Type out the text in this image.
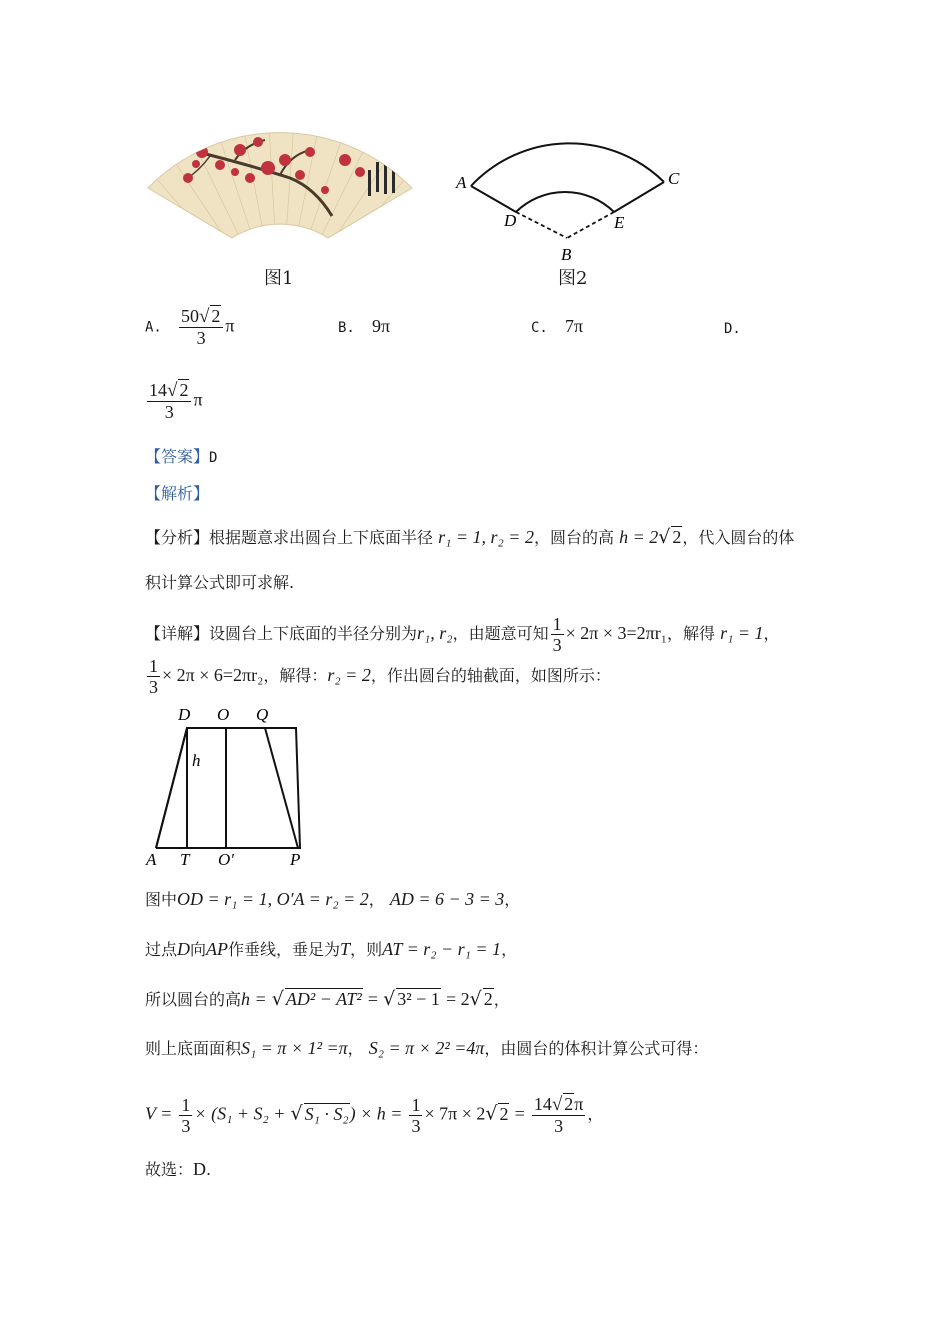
图1
A	C
D	E
B
图2
A. $\frac{50√ 2}{3}$ π	B. 9π	C. 7π	D.
$\frac{14√ 2}{3}$ π
【答案】D
【解析】
【分析】根据题意求出圆台上下底面半径 r₁ = 1, r₂ = 2，圆台的高 h = 2√ 2，代入圆台的体
积计算公式即可求解.
【详解】设圆台上下底面的半径分别为r₁, r₂，由题意可知 $\frac{1}{3} \times 2\pi \times 3=2\pi r_1$，解得 r₁ = 1，
$\frac{1}{3} \times 2\pi \times 6=2\pi r_2$，解得：r₂ = 2，作出圆台的轴截面，如图所示：
D O Q
h
A T O′	P
图中OD = r₁ = 1, O′A = r₂ = 2， AD = 6 − 3 = 3，
过点D向AP作垂线，垂足为T，则AT = r₂ − r₁ = 1，
所以圆台的高h = √ AD² − AT² = √ 3² − 1 = 2√ 2，
则上底面面积S₁ = π × 1² =π， S₂ = π × 2² =4π，由圆台的体积计算公式可得：
$V = \frac{1}{3} \times (S_1 + S_2$ + √ $S_1 \cdot S_2) \times h = \frac{1}{3} \times 7\pi \times 2√$ $2 = \frac{14√ 2\pi}{3}$ ，
故选：D.
